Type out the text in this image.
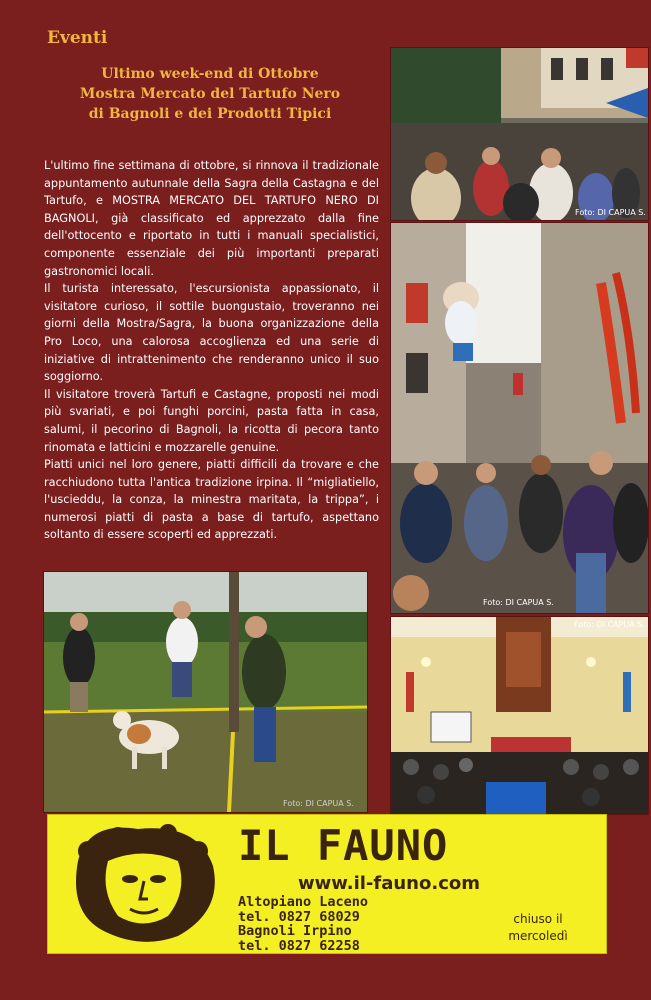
Eventi
Ultimo week-end di Ottobre
Mostra Mercato del Tartufo Nero
di Bagnoli e dei Prodotti Tipici

L'ultimo fine settimana di ottobre, si rinnova il tradizionale appuntamento autunnale della Sagra della Castagna e del Tartufo, e MOSTRA MERCATO DEL TARTUFO NERO DI BAGNOLI, già classificato ed apprezzato dalla fine dell'ottocento e riportato in tutti i manuali specialistici, componente essenziale dei più importanti preparati gastronomici locali.

Il turista interessato, l'escursionista appassionato, il visitatore curioso, il sottile buongustaio, troveranno nei giorni della Mostra/Sagra, la buona organizzazione della Pro Loco, una calorosa accoglienza ed una serie di iniziative di intrattenimento che renderanno unico il suo soggiorno.

Il visitatore troverà Tartufi e Castagne, proposti nei modi più svariati, e poi funghi porcini, pasta fatta in casa, salumi, il pecorino di Bagnoli, la ricotta di pecora tanto rinomata e latticini e mozzarelle genuine.

Piatti unici nel loro genere, piatti difficili da trovare e che racchiudono tutta l'antica tradizione irpina. Il “migliatiello, l'uscieddu, la conza, la minestra maritata, la trippa”, i numerosi piatti di pasta a base di tartufo, aspettano soltanto di essere scoperti ed apprezzati.

Foto: DI CAPUA S.
Foto: DI CAPUA S.
Foto: DI CAPUA S.
Foto: DI CAPUA S.
IL FAUNO
www.il-fauno.com
Altopiano Laceno
tel. 0827 68029
Bagnoli Irpino
tel. 0827 62258
chiuso il
mercoledì
